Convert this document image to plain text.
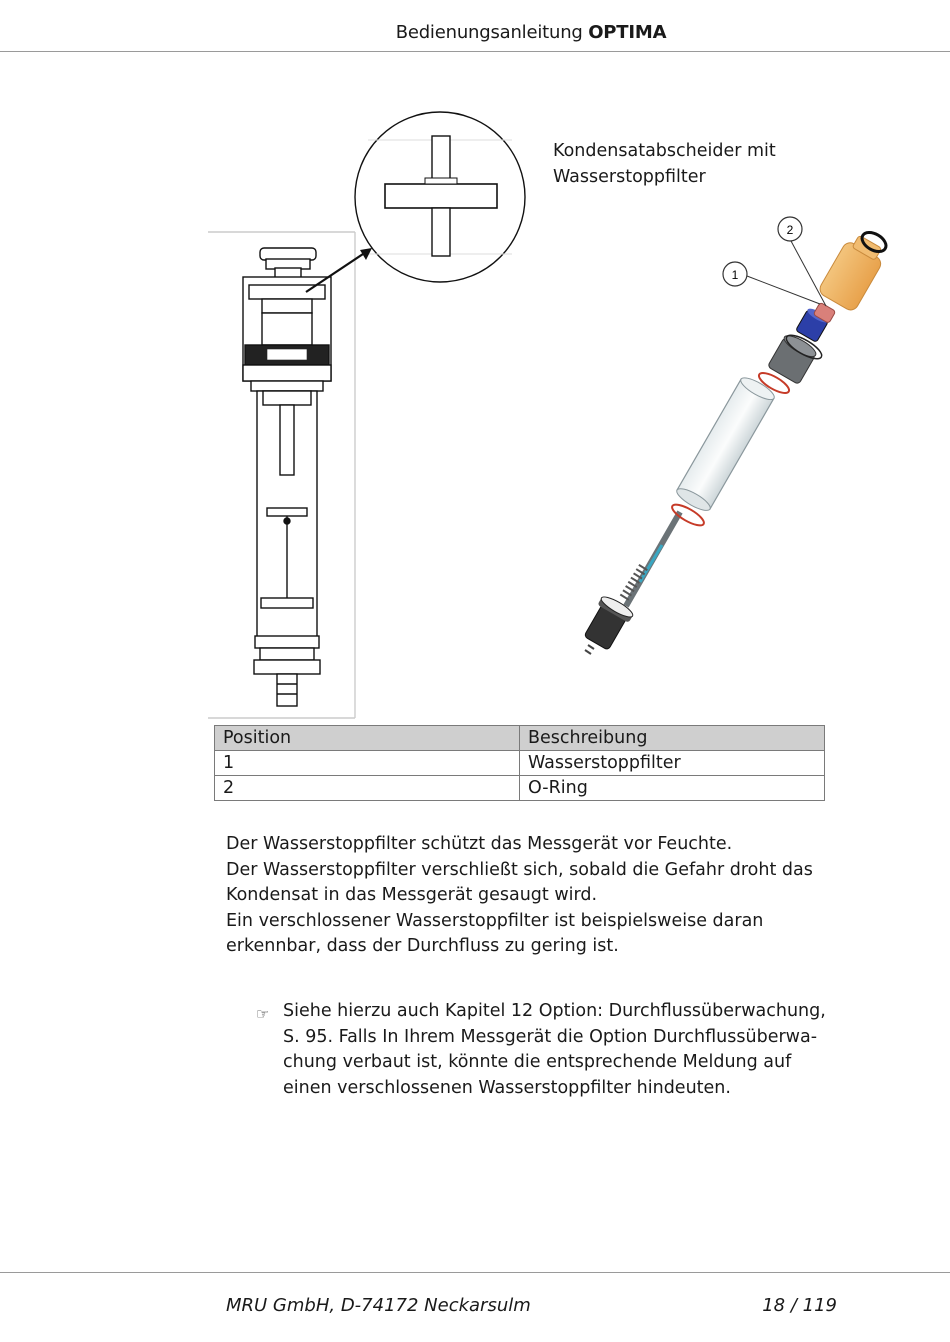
Bedienungsanleitung OPTIMA
1
2
Kondensatabscheider mit
Wasserstoppfilter
Position	Beschreibung
1	Wasserstoppfilter
2	O-Ring

Der Wasserstoppfilter schützt das Messgerät vor Feuchte.

Der Wasserstoppfilter verschließt sich, sobald die Gefahr droht das Kondensat in das Messgerät gesaugt wird.

Ein verschlossener Wasserstoppfilter ist beispielsweise daran erkennbar, dass der Durchfluss zu gering ist.

☞ Siehe hierzu auch Kapitel 12 Option: Durchflussüberwachung, S. 95. Falls In Ihrem Messgerät die Option Durchflussüberwa-chung verbaut ist, könnte die entsprechende Meldung auf einen verschlossenen Wasserstoppfilter hindeuten.
MRU GmbH, D-74172 Neckarsulm	18 / 119
